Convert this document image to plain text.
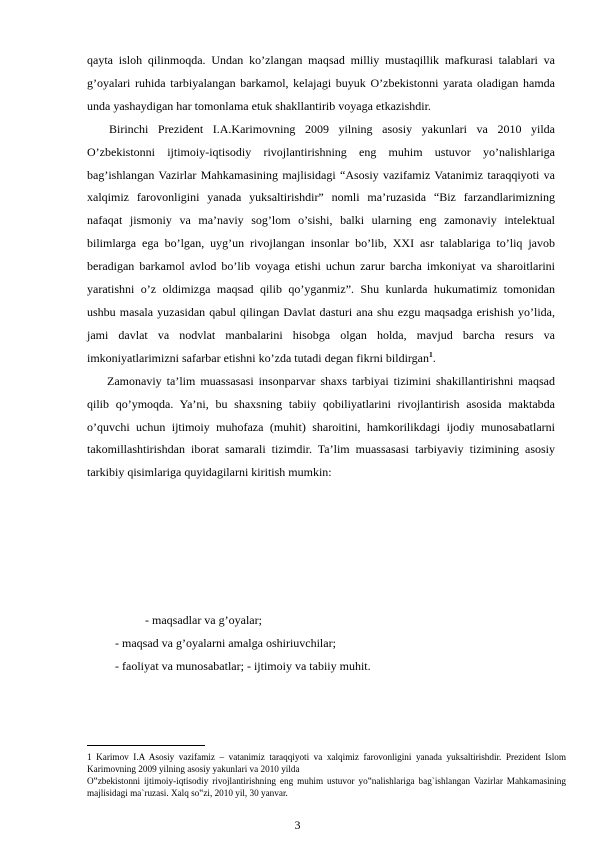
qayta isloh qilinmoqda. Undan ko’zlangan maqsad milliy mustaqillik mafkurasi talablari va g’oyalari ruhida tarbiyalangan barkamol, kelajagi buyuk O’zbekistonni yarata oladigan hamda unda yashaydigan har tomonlama etuk shakllantirib voyaga etkazishdir.

Birinchi Prezident I.A.Karimovning 2009 yilning asosiy yakunlari va 2010 yilda O’zbekistonni ijtimoiy-iqtisodiy rivojlantirishning eng muhim ustuvor yo’nalishlariga bag’ishlangan Vazirlar Mahkamasining majlisidagi “Asosiy vazifamiz Vatanimiz taraqqiyoti va xalqimiz farovonligini yanada yuksaltirishdir” nomli ma’ruzasida “Biz farzandlarimizning nafaqat jismoniy va ma’naviy sog’lom o’sishi, balki ularning eng zamonaviy intelektual bilimlarga ega bo’lgan, uyg’un rivojlangan insonlar bo’lib, XXI asr talablariga to’liq javob beradigan barkamol avlod bo’lib voyaga etishi uchun zarur barcha imkoniyat va sharoitlarini yaratishni o’z oldimizga maqsad qilib qo’yganmiz”. Shu kunlarda hukumatimiz tomonidan ushbu masala yuzasidan qabul qilingan Davlat dasturi ana shu ezgu maqsadga erishish yo’lida, jami davlat va nodvlat manbalarini hisobga olgan holda, mavjud barcha resurs va imkoniyatlarimizni safarbar etishni ko’zda tutadi degan fikrni bildirgan$^1$.

Zamonaviy ta’lim muassasasi insonparvar shaxs tarbiyai tizimini shakillantirishni maqsad qilib qo’ymoqda. Ya’ni, bu shaxsning tabiiy qobiliyatlarini rivojlantirish asosida maktabda o’quvchi uchun ijtimoiy muhofaza (muhit) sharoitini, hamkorilikdagi ijodiy munosabatlarni takomillashtirishdan iborat samarali tizimdir. Ta’lim muassasasi tarbiyaviy tizimining asosiy tarkibiy qisimlariga quyidagilarni kiritish mumkin:

- maqsadlar va g’oyalar;
- maqsad va g’oyalarni amalga oshiriuvchilar;
- faoliyat va munosabatlar; - ijtimoiy va tabiiy muhit.

1 Karimov I.A Asosiy vazifamiz – vatanimiz taraqqiyoti va xalqimiz farovonligini yanada yuksaltirishdir. Prezident Islom Karimovning 2009 yilning asosiy yakunlari va 2010 yilda

O‟zbekistonni ijtimoiy-iqtisodiy rivojlantirishning eng muhim ustuvor yo‟nalishlariga bag`ishlangan Vazirlar Mahkamasining majlisidagi ma`ruzasi. Xalq so‟zi, 2010 yil, 30 yanvar.

3
